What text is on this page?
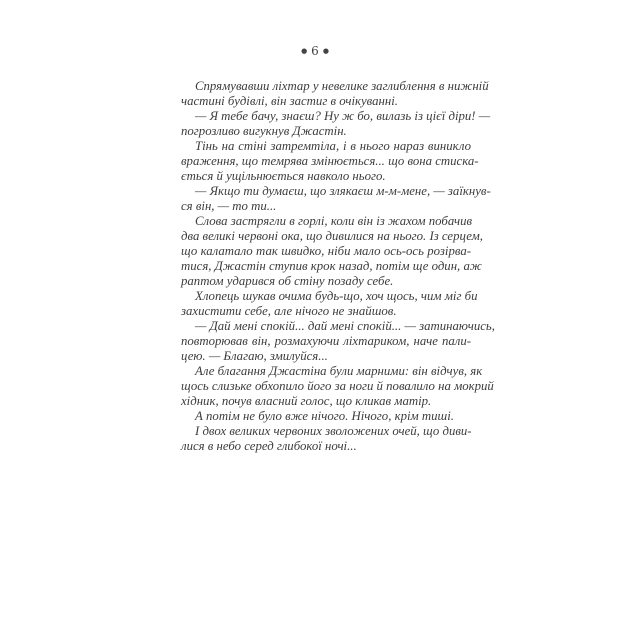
● 6 ●
Спрямувавши ліхтар у невелике заглиблення в нижній
частині будівлі, він застиг в очікуванні.
— Я тебе бачу, знаєш? Ну ж бо, вилазь із цієї діри! —
погрозливо вигукнув Джастін.
Тінь на стіні затремтіла, і в нього нараз виникло
враження, що темрява змінюється... що вона стиска-
ється й ущільнюється навколо нього.
— Якщо ти думаєш, що злякаєш м-м-мене, — заїкнув-
ся він, — то ти...
Слова застрягли в горлі, коли він із жахом побачив
два великі червоні ока, що дивилися на нього. Із серцем,
що калатало так швидко, ніби мало ось-ось розірва-
тися, Джастін ступив крок назад, потім ще один, аж
раптом ударився об стіну позаду себе.
Хлопець шукав очима будь-що, хоч щось, чим міг би
захистити себе, але нічого не знайшов.
— Дай мені спокій... дай мені спокій... — затинаючись,
повторював він, розмахуючи ліхтариком, наче пали-
цею. — Благаю, змилуйся...
Але благання Джастіна були марними: він відчув, як
щось слизьке обхопило його за ноги й повалило на мокрий
хідник, почув власний голос, що кликав матір.
А потім не було вже нічого. Нічого, крім тиші.
І двох великих червоних зволожених очей, що диви-
лися в небо серед глибокої ночі...
